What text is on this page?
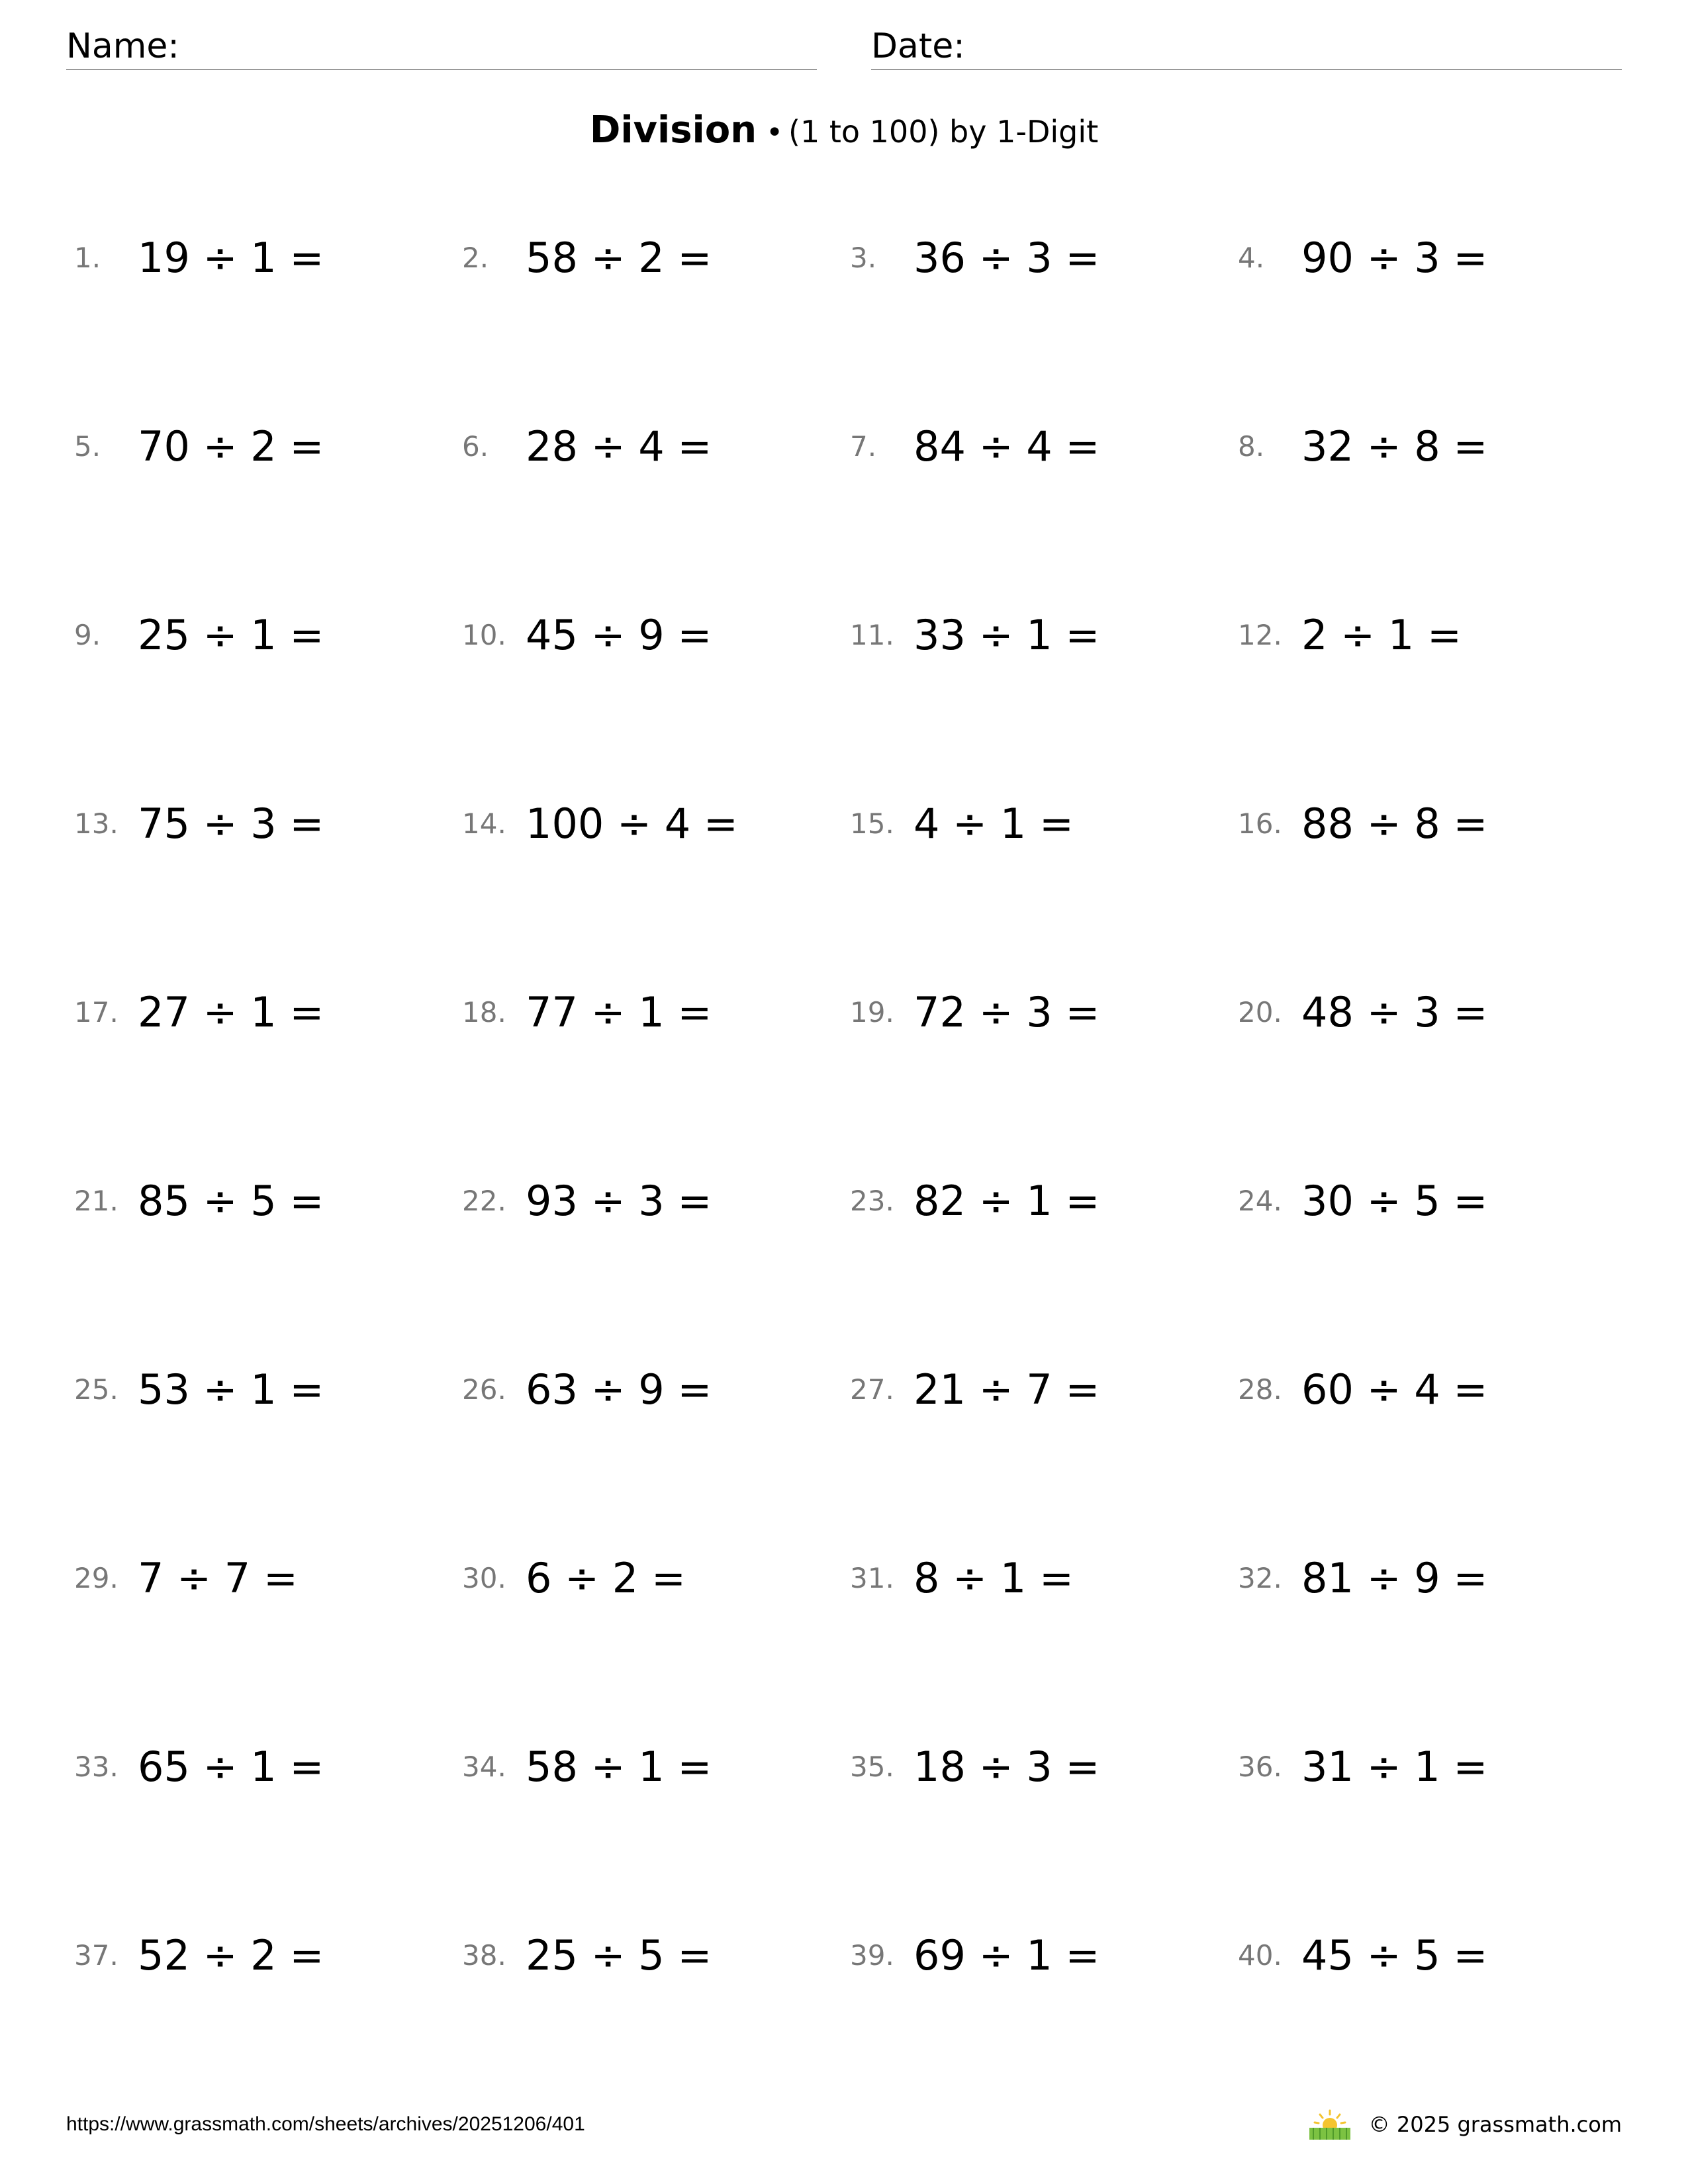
Name:	Date:
Division • (1 to 100) by 1-Digit
1. 19 ÷ 1 =	2. 58 ÷ 2 =	3. 36 ÷ 3 =	4. 90 ÷ 3 =
5. 70 ÷ 2 =	6. 28 ÷ 4 =	7. 84 ÷ 4 =	8. 32 ÷ 8 =
9. 25 ÷ 1 =	10. 45 ÷ 9 =	11. 33 ÷ 1 =	12. 2 ÷ 1 =
13. 75 ÷ 3 =	14. 100 ÷ 4 =	15. 4 ÷ 1 =	16. 88 ÷ 8 =
17. 27 ÷ 1 =	18. 77 ÷ 1 =	19. 72 ÷ 3 =	20. 48 ÷ 3 =
21. 85 ÷ 5 =	22. 93 ÷ 3 =	23. 82 ÷ 1 =	24. 30 ÷ 5 =
25. 53 ÷ 1 =	26. 63 ÷ 9 =	27. 21 ÷ 7 =	28. 60 ÷ 4 =
29. 7 ÷ 7 =	30. 6 ÷ 2 =	31. 8 ÷ 1 =	32. 81 ÷ 9 =
33. 65 ÷ 1 =	34. 58 ÷ 1 =	35. 18 ÷ 3 =	36. 31 ÷ 1 =
37. 52 ÷ 2 =	38. 25 ÷ 5 =	39. 69 ÷ 1 =	40. 45 ÷ 5 =
https://www.grassmath.com/sheets/archives/20251206/401	© 2025 grassmath.com
